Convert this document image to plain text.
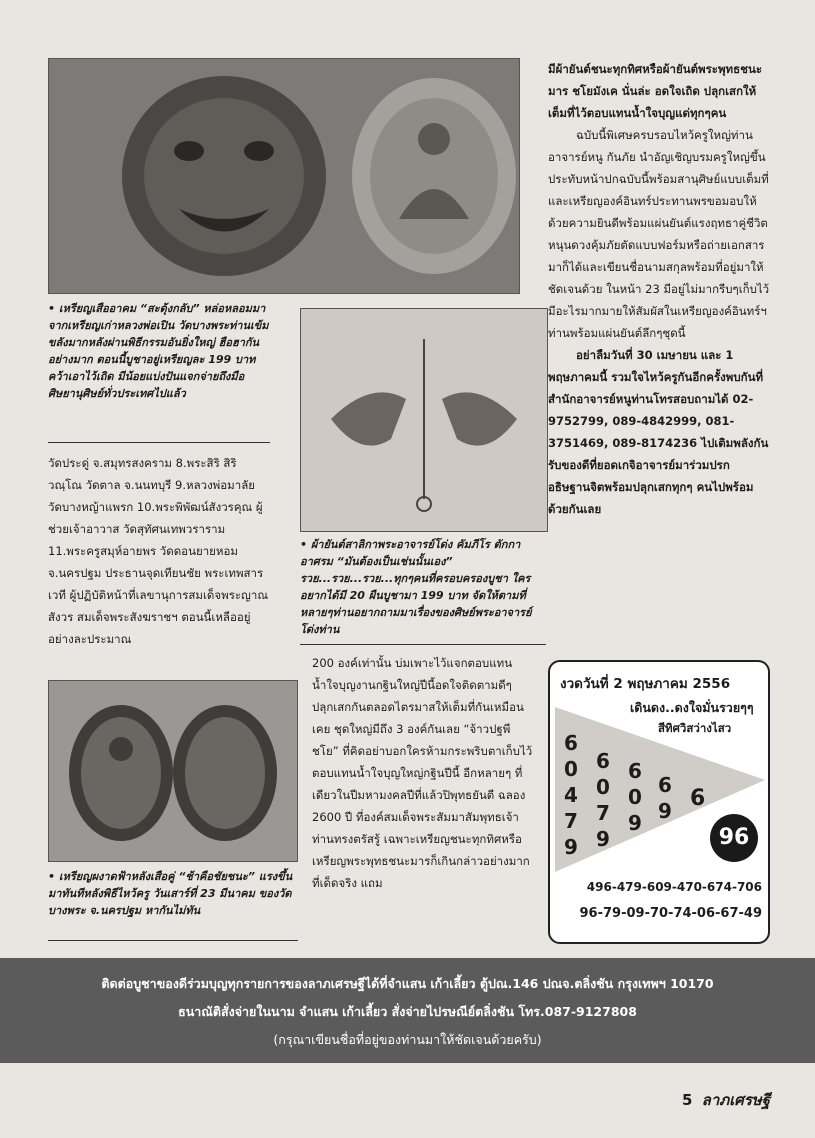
• เหรียญเสืออาคม “สะดุ้งกลับ” หล่อหลอมมาจากเหรียญเก่าหลวงพ่อเปิน วัดบางพระท่านเข้มขลังมากหลังผ่านพิธีกรรมอันยิ่งใหญ่ ฮือฮากันอย่างมาก ตอนนี้บูชาอยู่เหรียญละ 199 บาทคว้าเอาไว้เถิด มีน้อยแบ่งปันแจกจ่ายถึงมือศิษยานุศิษย์ทั่วประเทศไปแล้ว
• ผ้ายันต์สาลิกาพระอาจารย์โด่ง คัมภีโร ตักกาอาศรม “มันต้องเป็นเช่นนั้นเอง” รวย...รวย...รวย...ทุกๆคนที่ครอบครองบูชา ใครอยากได้มี 20 ผืนบูชามา 199 บาท จัดให้ตามที่หลายๆท่านอยากถามมาเรื่องของศิษย์พระอาจารย์โด่งท่าน

วัดประดู่ จ.สมุทรสงคราม 8.พระสิริ สิริวณฺโณ วัดตาล จ.นนทบุรี 9.หลวงพ่อมาลัย วัดบางหญ้าแพรก 10.พระพิพัฒน์สังวรคุณ ผู้ช่วยเจ้าอาวาส วัดสุทัศนเทพวราราม 11.พระครูสมุห์อายพร วัดดอนยายหอม จ.นครปฐม ประธานจุดเทียนชัย พระเทพสารเวที ผู้ปฏิบัติหน้าที่เลขานุการสมเด็จพระญาณสังวร สมเด็จพระสังฆราชฯ ตอนนี้เหลืออยู่อย่างละประมาณ

• เหรียญผงาดฟ้าหลังเสือคู่ “ช้าคือชัยชนะ” แรงขึ้นมาทันทีหลังพิธีไหว้ครู วันเสาร์ที่ 23 มีนาคม ของวัดบางพระ จ.นครปฐม หากันไม่ทัน

200 องค์เท่านั้น บ่มเพาะไว้แจกตอบแทนน้ำใจบุญงานกฐินใหญ่ปีนี้อดใจติดตามดีๆ ปลุกเสกกันตลอดไตรมาสให้เต็มที่กันเหมือนเคย ชุดใหญ่มีถึง 3 องค์กันเลย “จ้าวปฐพีชโย” ที่คิดอย่าบอกใครห้ามกระพริบตาเก็บไว้ตอบแทนน้ำใจบุญใหญ่กฐินปีนี้ อีกหลายๆ ที่เดียวในปีมหามงคลปีที่แล้วปิพุทธยันตี ฉลอง 2600 ปี ที่องค์สมเด็จพระสัมมาสัมพุทธเจ้าท่านทรงตรัสรู้ เฉพาะเหรียญชนะทุกทิศหรือเหรียญพระพุทธชนะมารก็เกินกล่าวอย่างมากที่เด็ดจริง แถม

มีผ้ายันต์ชนะทุกทิศหรือผ้ายันต์พระพุทธชนะมาร ชโยมังเค นั่นล่ะ อดใจเถิด ปลุกเสกให้เต็มที่ไว้ตอบแทนน้ำใจบุญแด่ทุกๆคน

ฉบับนี้พิเศษครบรอบไหว้ครูใหญ่ท่านอาจารย์หนู กันภัย นำอัญเชิญบรมครูใหญ่ขึ้นประทับหน้าปกฉบับนี้พร้อมสานุศิษย์แบบเต็มที่และเหรียญองค์อินทร์ประทานพรขอมอบให้ด้วยความยินดีพร้อมแผ่นยันต์แรงฤทธาคู่ชีวิตหนุนดวงคุ้มภัยตัดแบบฟอร์มหรือถ่ายเอกสารมาก็ได้และเขียนชื่อนามสกุลพร้อมที่อยู่มาให้ชัดเจนด้วย ในหน้า 23 มีอยู่ไม่มากรีบๆเก็บไว้มีอะไรมากมายให้สัมผัสในเหรียญองค์อินทร์ฯท่านพร้อมแผ่นยันต์ลึกๆชุดนี้

อย่าลืมวันที่ 30 เมษายน และ 1 พฤษภาคมนี้ รวมใจไหว้ครูกันอีกครั้งพบกันที่สำนักอาจารย์หนูท่านโทรสอบถามได้ 02-9752799, 089-4842999, 081-3751469, 089-8174236 ไปเติมพลังกันรับของดีที่ยอดเกจิอาจารย์มาร่วมปรกอธิษฐานจิตพร้อมปลุกเสกทุกๆ คนไปพร้อมด้วยกันเลย

งวดวันที่ 2 พฤษภาคม 2556
เดินดง..ดงใจมั่นรวยๆๆ
สีทิศวิสว่างไสว
6
0
4
7
9
6
0
7
9
6
0
9
6
9 6
96
496-479-609-470-674-706
96-79-09-70-74-06-67-49
ติดต่อบูชาของดีร่วมบุญทุกรายการของลาภเศรษฐีได้ที่จำแสน เก้าเลี้ยว ตู้ปณ.146 ปณจ.ตลิ่งชัน กรุงเทพฯ 10170
ธนาณัติสั่งจ่ายในนาม จำแสน เก้าเลี้ยว สั่งจ่ายไปรษณีย์ตลิ่งชัน โทร.087-9127808
(กรุณาเขียนชื่อที่อยู่ของท่านมาให้ชัดเจนด้วยครับ)
5 ลาภเศรษฐี
